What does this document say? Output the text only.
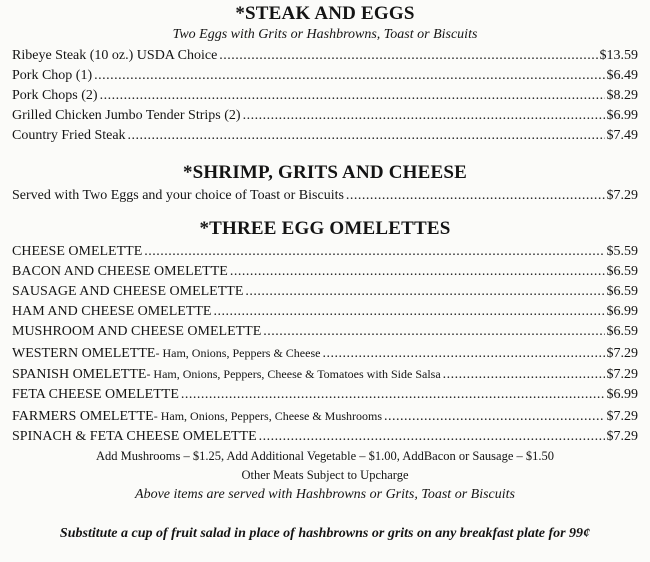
*STEAK AND EGGS
Two Eggs with Grits or Hashbrowns, Toast or Biscuits
Ribeye Steak (10 oz.) USDA Choice .....	$13.59
Pork Chop (1) .....	$6.49
Pork Chops (2) .....	$8.29
Grilled Chicken Jumbo Tender Strips (2) .....	$6.99
Country Fried Steak .....	$7.49
*SHRIMP, GRITS AND CHEESE
Served with Two Eggs and your choice of Toast or Biscuits .....	$7.29
*THREE EGG OMELETTES
CHEESE OMELETTE .....	$5.59
BACON AND CHEESE OMELETTE .....	$6.59
SAUSAGE AND CHEESE OMELETTE .....	$6.59
HAM AND CHEESE OMELETTE .....	$6.99
MUSHROOM AND CHEESE OMELETTE .....	$6.59
WESTERN OMELETTE - Ham, Onions, Peppers & Cheese .....	$7.29
SPANISH OMELETTE - Ham, Onions, Peppers, Cheese & Tomatoes with Side Salsa .....	$7.29
FETA CHEESE OMELETTE .....	$6.99
FARMERS OMELETTE - Ham, Onions, Peppers, Cheese & Mushrooms .....	$7.29
SPINACH & FETA CHEESE OMELETTE .....	$7.29
Add Mushrooms – $1.25, Add Additional Vegetable – $1.00, AddBacon or Sausage – $1.50
Other Meats Subject to Upcharge
Above items are served with Hashbrowns or Grits, Toast or Biscuits
Substitute a cup of fruit salad in place of hashbrowns or grits on any breakfast plate for 99¢
